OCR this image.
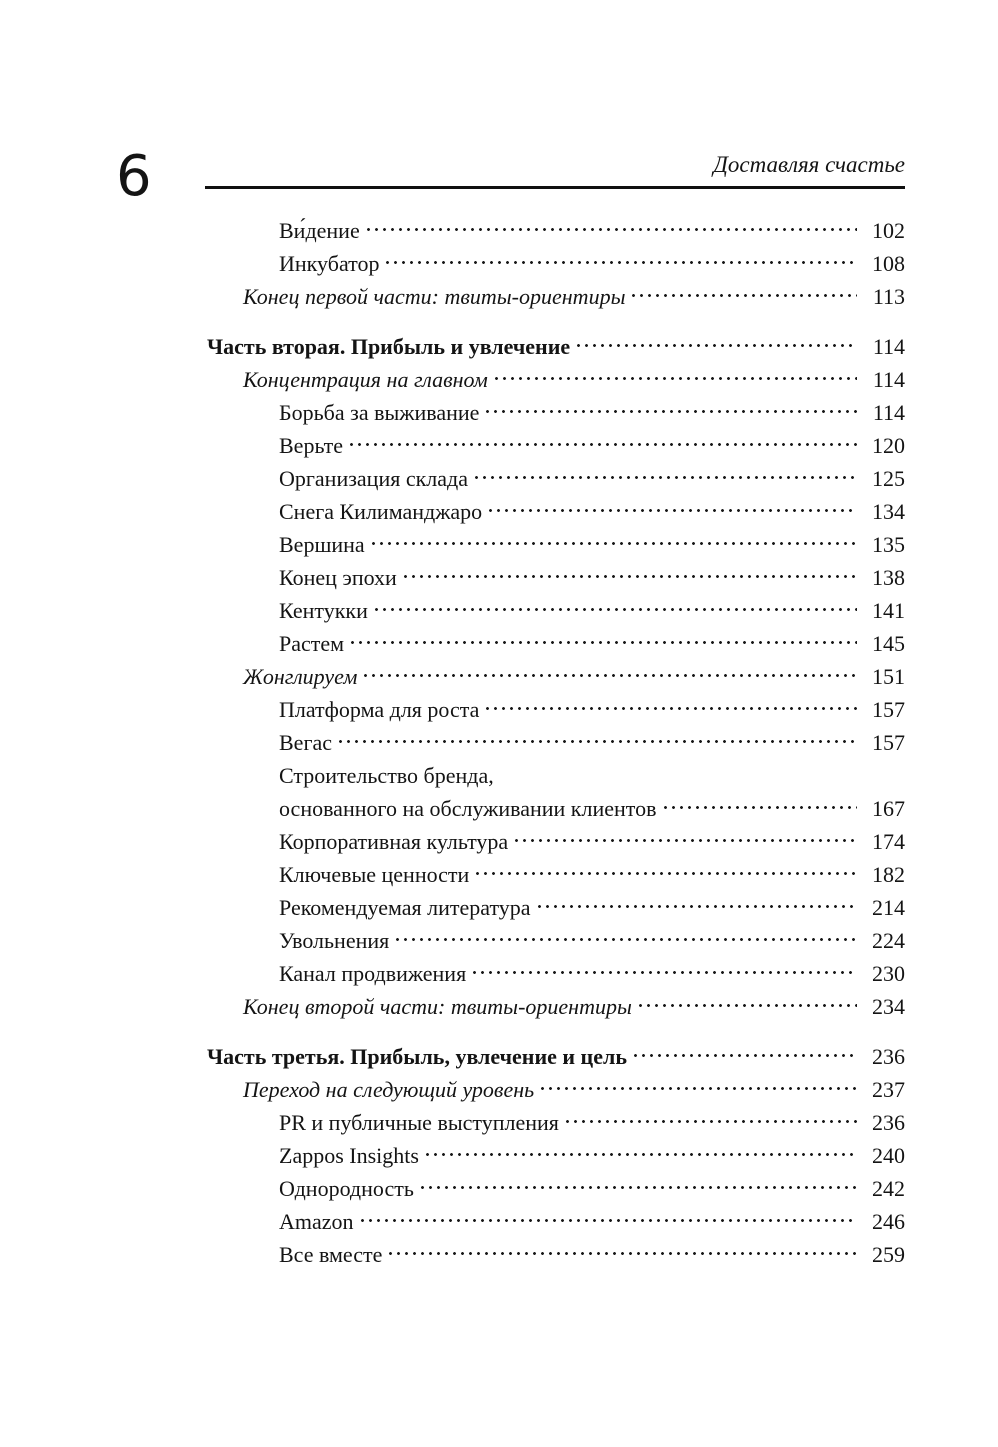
6	Доставляя счастье
Ви́дение	102
Инкубатор	108
Конец первой части: твиты-ориентиры	113
Часть вторая. Прибыль и увлечение	114
Концентрация на главном	114
Борьба за выживание	114
Верьте	120
Организация склада	125
Снега Килиманджаро	134
Вершина	135
Конец эпохи	138
Кентукки	141
Растем	145
Жонглируем	151
Платформа для роста	157
Вегас	157
Строительство бренда,
основанного на обслуживании клиентов	167
Корпоративная культура	174
Ключевые ценности	182
Рекомендуемая литература	214
Увольнения	224
Канал продвижения	230
Конец второй части: твиты-ориентиры	234
Часть третья. Прибыль, увлечение и цель	236
Переход на следующий уровень	237
PR и публичные выступления	236
Zappos Insights	240
Однородность	242
Amazon	246
Все вместе	259
